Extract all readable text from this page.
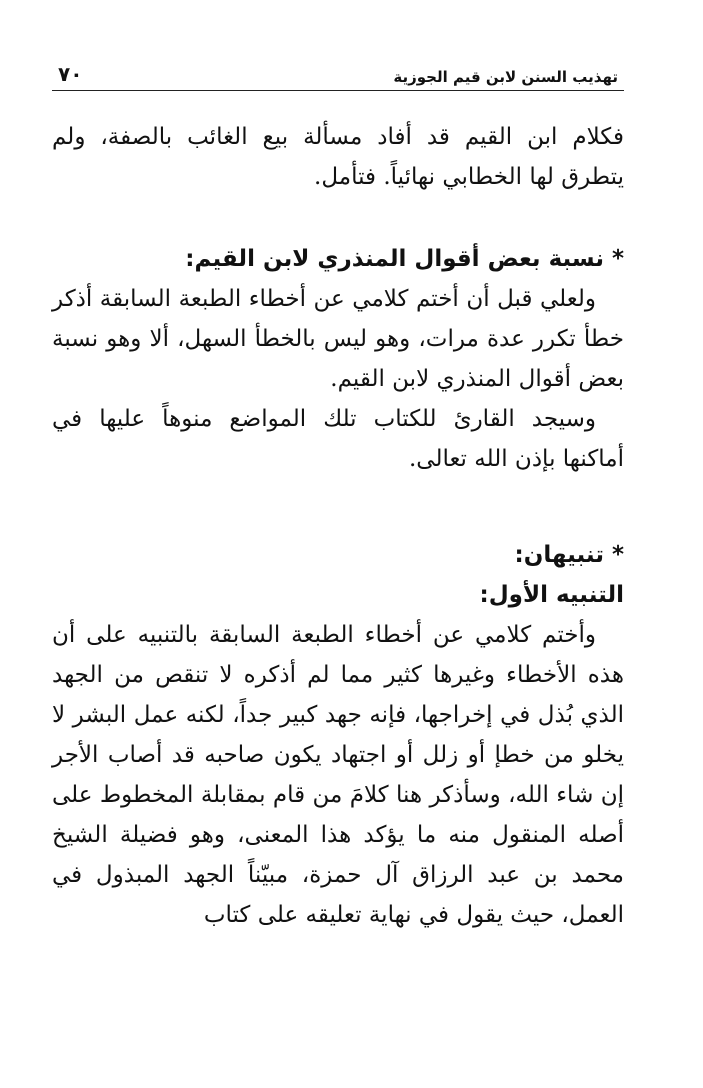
تهذيب السنن لابن قيم الجوزية
٧٠

فكلام ابن القيم قد أفاد مسألة بيع الغائب بالصفة، ولم يتطرق لها الخطابي نهائياً. فتأمل.

* نسبة بعض أقوال المنذري لابن القيم:

ولعلي قبل أن أختم كلامي عن أخطاء الطبعة السابقة أذكر خطأ تكرر عدة مرات، وهو ليس بالخطأ السهل، ألا وهو نسبة بعض أقوال المنذري لابن القيم.

وسيجد القارئ للكتاب تلك المواضع منوهاً عليها في أماكنها بإذن الله تعالى.

* تنبيهان:
التنبيه الأول:

وأختم كلامي عن أخطاء الطبعة السابقة بالتنبيه على أن هذه الأخطاء وغيرها كثير مما لم أذكره لا تنقص من الجهد الذي بُذل في إخراجها، فإنه جهد كبير جداً، لكنه عمل البشر لا يخلو من خطإ أو زلل أو اجتهاد يكون صاحبه قد أصاب الأجر إن شاء الله، وسأذكر هنا كلامَ من قام بمقابلة المخطوط على أصله المنقول منه ما يؤكد هذا المعنى، وهو فضيلة الشيخ محمد بن عبد الرزاق آل حمزة، مبيّناً الجهد المبذول في العمل، حيث يقول في نهاية تعليقه على كتاب
